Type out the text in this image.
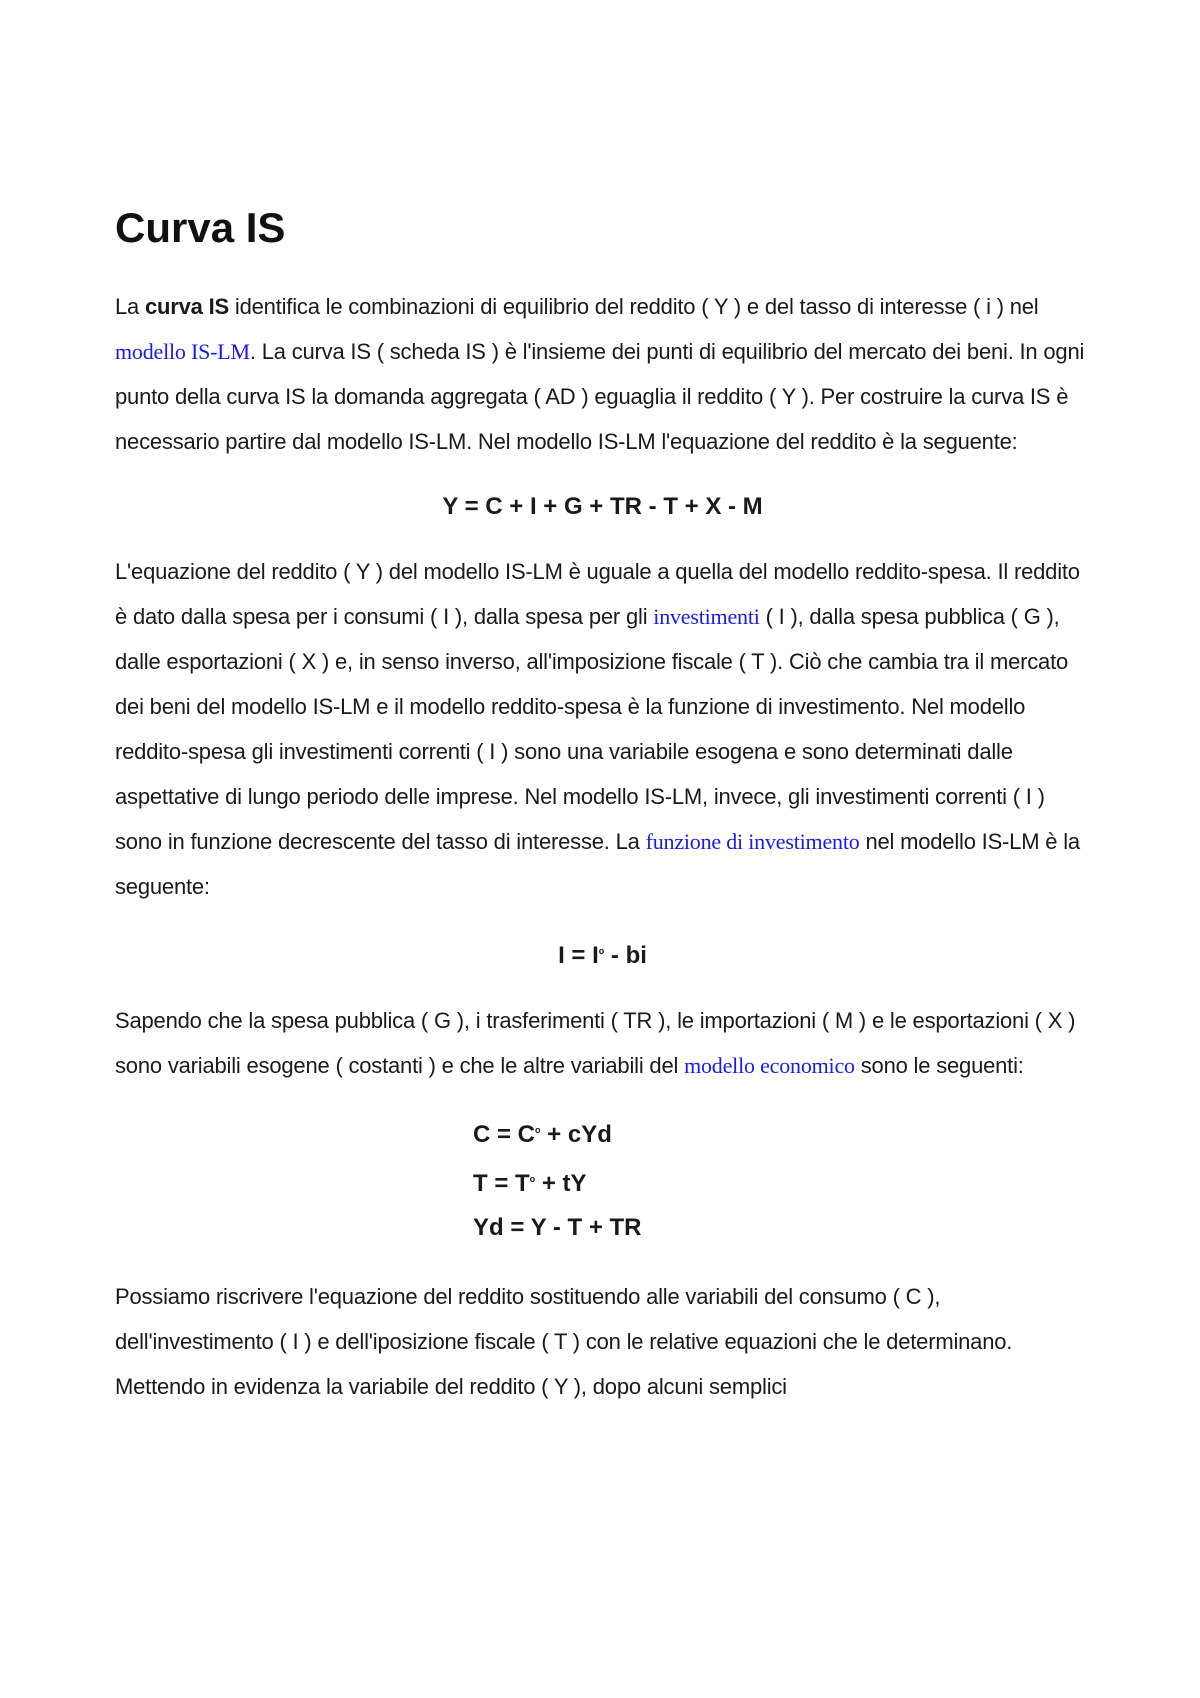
Curva IS

La curva IS identifica le combinazioni di equilibrio del reddito ( Y ) e del tasso di interesse ( i ) nel modello IS-LM. La curva IS ( scheda IS ) è l'insieme dei punti di equilibrio del mercato dei beni. In ogni punto della curva IS la domanda aggregata ( AD ) eguaglia il reddito ( Y ). Per costruire la curva IS è necessario partire dal modello IS-LM. Nel modello IS-LM l'equazione del reddito è la seguente:

Y = C + I + G + TR - T + X - M

L'equazione del reddito ( Y ) del modello IS-LM è uguale a quella del modello reddito-spesa. Il reddito è dato dalla spesa per i consumi ( I ), dalla spesa per gli investimenti ( I ), dalla spesa pubblica ( G ), dalle esportazioni ( X ) e, in senso inverso, all'imposizione fiscale ( T ). Ciò che cambia tra il mercato dei beni del modello IS-LM e il modello reddito-spesa è la funzione di investimento. Nel modello reddito-spesa gli investimenti correnti ( I ) sono una variabile esogena e sono determinati dalle aspettative di lungo periodo delle imprese. Nel modello IS-LM, invece, gli investimenti correnti ( I ) sono in funzione decrescente del tasso di interesse. La funzione di investimento nel modello IS-LM è la seguente:

$I = I^o$ - bi

Sapendo che la spesa pubblica ( G ), i trasferimenti ( TR ), le importazioni ( M ) e le esportazioni ( X ) sono variabili esogene ( costanti ) e che le altre variabili del modello economico sono le seguenti:

$C = C^o$ + cYd
$T = T^o$ + tY
Yd = Y - T + TR

Possiamo riscrivere l'equazione del reddito sostituendo alle variabili del consumo ( C ), dell'investimento ( I ) e dell'iposizione fiscale ( T ) con le relative equazioni che le determinano. Mettendo in evidenza la variabile del reddito ( Y ), dopo alcuni semplici
